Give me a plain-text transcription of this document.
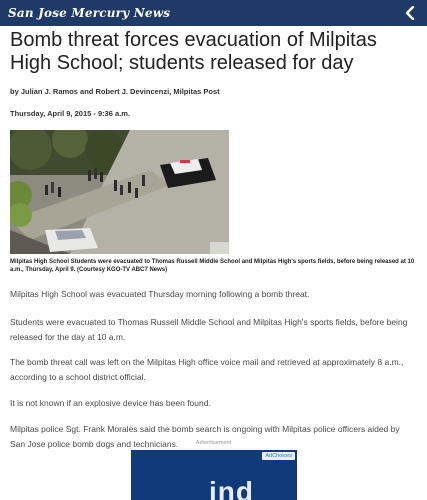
San Jose Mercury News
Bomb threat forces evacuation of Milpitas High School; students released for day

by Julian J. Ramos and Robert J. Devincenzi, Milpitas Post

Thursday, April 9, 2015 - 9:36 a.m.

Milpitas High School Students were evacuated to Thomas Russell Middle School and Milpitas High's sports fields, before being released at 10 a.m., Thursday, April 9. (Courtesy KGO-TV ABC7 News)

Milpitas High School was evacuated Thursday morning following a bomb threat.

Students were evacuated to Thomas Russell Middle School and Milpitas High's sports fields, before being released for the day at 10 a.m.

The bomb threat call was left on the Milpitas High office voice mail and retrieved at approximately 8 a.m., according to a school district official.

It is not known if an explosive device has been found.

Milpitas police Sgt. Frank Morales said the bomb search is ongoing with Milpitas police officers aided by San Jose police bomb dogs and technicians.	Advertisement
AdChoices
ind
